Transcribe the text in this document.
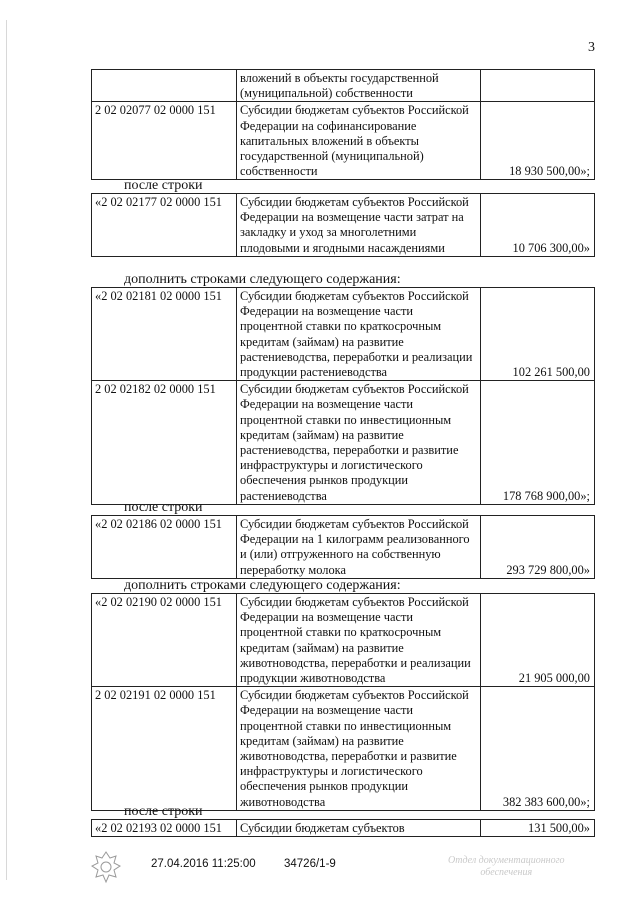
3
	вложений в объекты государственной (муниципальной) собственности	
2 02 02077 02 0000 151	Субсидии бюджетам субъектов Российской Федерации на софинансирование капитальных вложений в объекты государственной (муниципальной) собственности	18 930 500,00»;
после строки
«2 02 02177 02 0000 151	Субсидии бюджетам субъектов Российской Федерации на возмещение части затрат на закладку и уход за многолетними плодовыми и ягодными насаждениями	10 706 300,00»
дополнить строками следующего содержания:
«2 02 02181 02 0000 151	Субсидии бюджетам субъектов Российской Федерации на возмещение части процентной ставки по краткосрочным кредитам (займам) на развитие растениеводства, переработки и реализации продукции растениеводства	102 261 500,00
2 02 02182 02 0000 151	Субсидии бюджетам субъектов Российской Федерации на возмещение части процентной ставки по инвестиционным кредитам (займам) на развитие растениеводства, переработки и развитие инфраструктуры и логистического обеспечения рынков продукции растениеводства	178 768 900,00»;
после строки
«2 02 02186 02 0000 151	Субсидии бюджетам субъектов Российской Федерации на 1 килограмм реализованного и (или) отгруженного на собственную переработку молока	293 729 800,00»
дополнить строками следующего содержания:
«2 02 02190 02 0000 151	Субсидии бюджетам субъектов Российской Федерации на возмещение части процентной ставки по краткосрочным кредитам (займам) на развитие животноводства, переработки и реализации продукции животноводства	21 905 000,00
2 02 02191 02 0000 151	Субсидии бюджетам субъектов Российской Федерации на возмещение части процентной ставки по инвестиционным кредитам (займам) на развитие животноводства, переработки и развитие инфраструктуры и логистического обеспечения рынков продукции животноводства	382 383 600,00»;
после строки
«2 02 02193 02 0000 151	Субсидии бюджетам субъектов	131 500,00»
27.04.2016 11:25:00 34726/1-9	Отдел документационного
обеспечения
